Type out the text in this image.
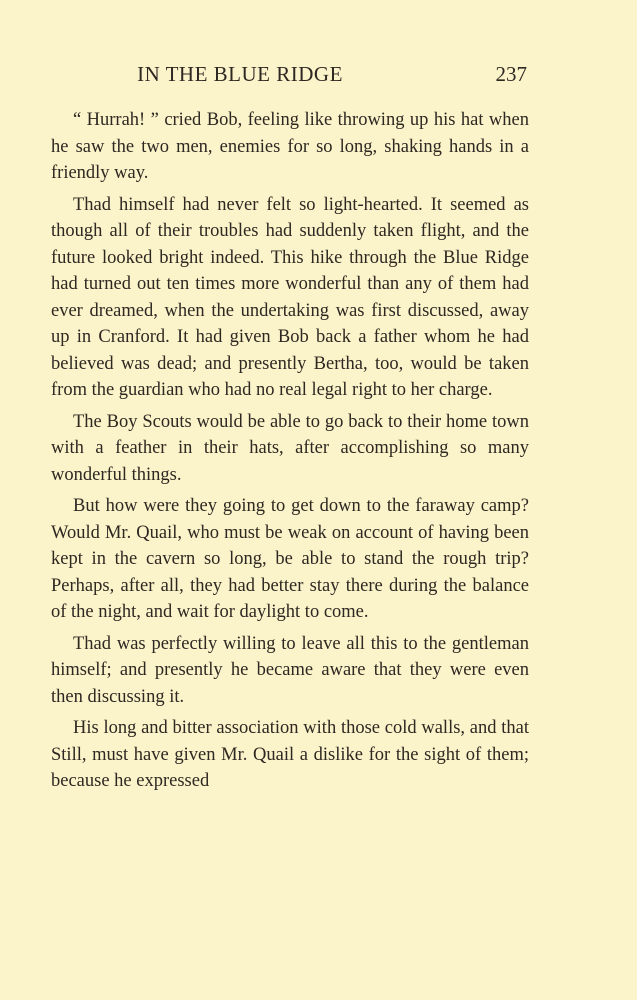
IN THE BLUE RIDGE	237

“ Hurrah! ” cried Bob, feeling like throwing up his hat when he saw the two men, enemies for so long, shaking hands in a friendly way.

Thad himself had never felt so light-hearted. It seemed as though all of their troubles had suddenly taken flight, and the future looked bright indeed. This hike through the Blue Ridge had turned out ten times more wonderful than any of them had ever dreamed, when the undertaking was first discussed, away up in Cranford. It had given Bob back a father whom he had believed was dead; and presently Bertha, too, would be taken from the guardian who had no real legal right to her charge.

The Boy Scouts would be able to go back to their home town with a feather in their hats, after accomplishing so many wonderful things.

But how were they going to get down to the faraway camp? Would Mr. Quail, who must be weak on account of having been kept in the cavern so long, be able to stand the rough trip? Perhaps, after all, they had better stay there during the balance of the night, and wait for daylight to come.

Thad was perfectly willing to leave all this to the gentleman himself; and presently he became aware that they were even then discussing it.

His long and bitter association with those cold walls, and that Still, must have given Mr. Quail a dislike for the sight of them; because he expressed
